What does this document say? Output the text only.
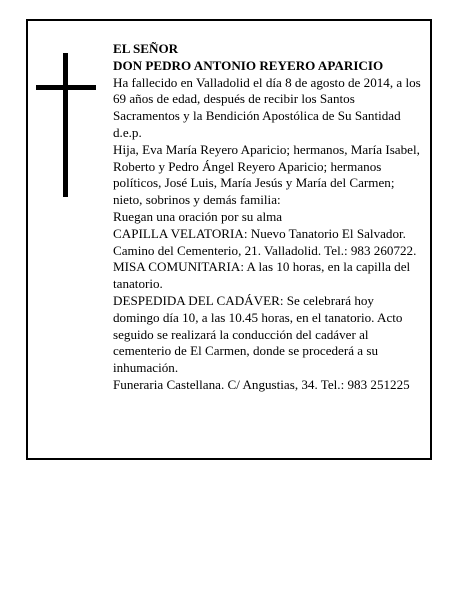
EL SEÑOR

DON PEDRO ANTONIO REYERO APARICIO

Ha fallecido en Valladolid el día 8 de agosto de 2014, a los 69 años de edad, después de recibir los Santos Sacramentos y la Bendición Apostólica de Su Santidad d.e.p.

Hija, Eva María Reyero Aparicio; hermanos, María Isabel, Roberto y Pedro Ángel Reyero Aparicio; hermanos políticos, José Luis, María Jesús y María del Carmen; nieto, sobrinos y demás familia:

Ruegan una oración por su alma

CAPILLA VELATORIA: Nuevo Tanatorio El Salvador. Camino del Cementerio, 21. Valladolid. Tel.: 983 260722. MISA COMUNITARIA: A las 10 horas, en la capilla del tanatorio.

DESPEDIDA DEL CADÁVER: Se celebrará hoy domingo día 10, a las 10.45 horas, en el tanatorio. Acto seguido se realizará la conducción del cadáver al cementerio de El Carmen, donde se procederá a su inhumación.

Funeraria Castellana. C/ Angustias, 34. Tel.: 983 251225
